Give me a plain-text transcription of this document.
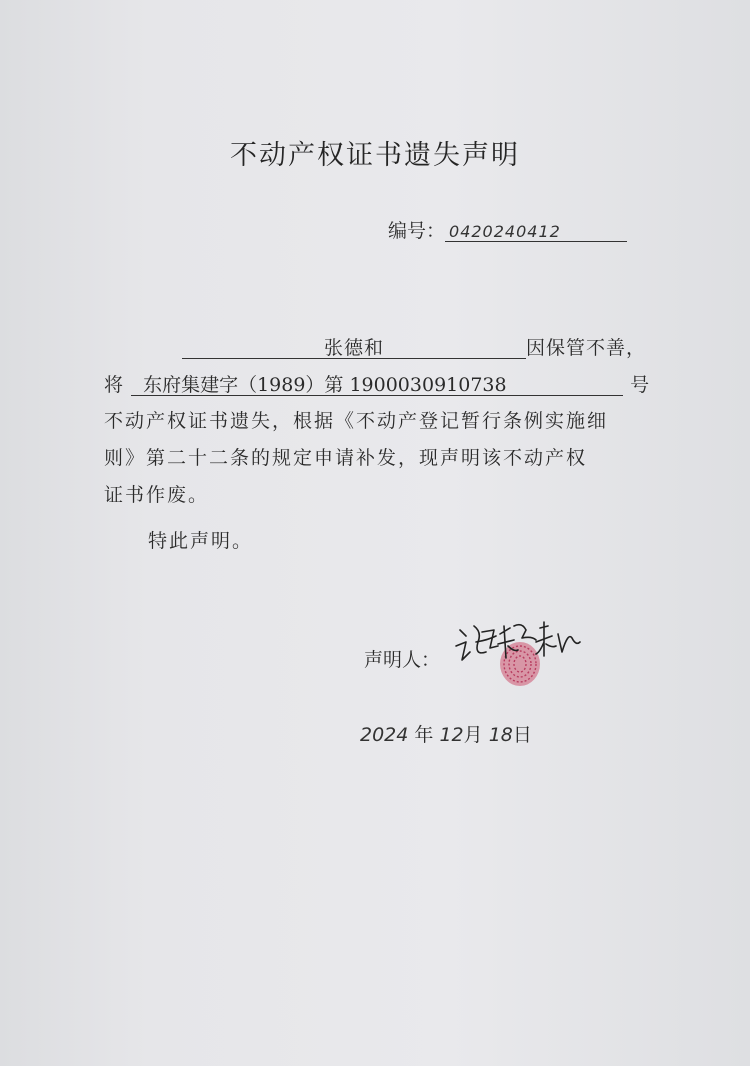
不动产权证书遗失声明
编号： 0420240412
张德和	因保管不善，
将 东府集建字（1989）第 1900030910738	号
不动产权证书遗失，根据《不动产登记暂行条例实施细
则》第二十二条的规定申请补发，现声明该不动产权
证书作废。
特此声明。
声明人：
2024 年 12月 18日
